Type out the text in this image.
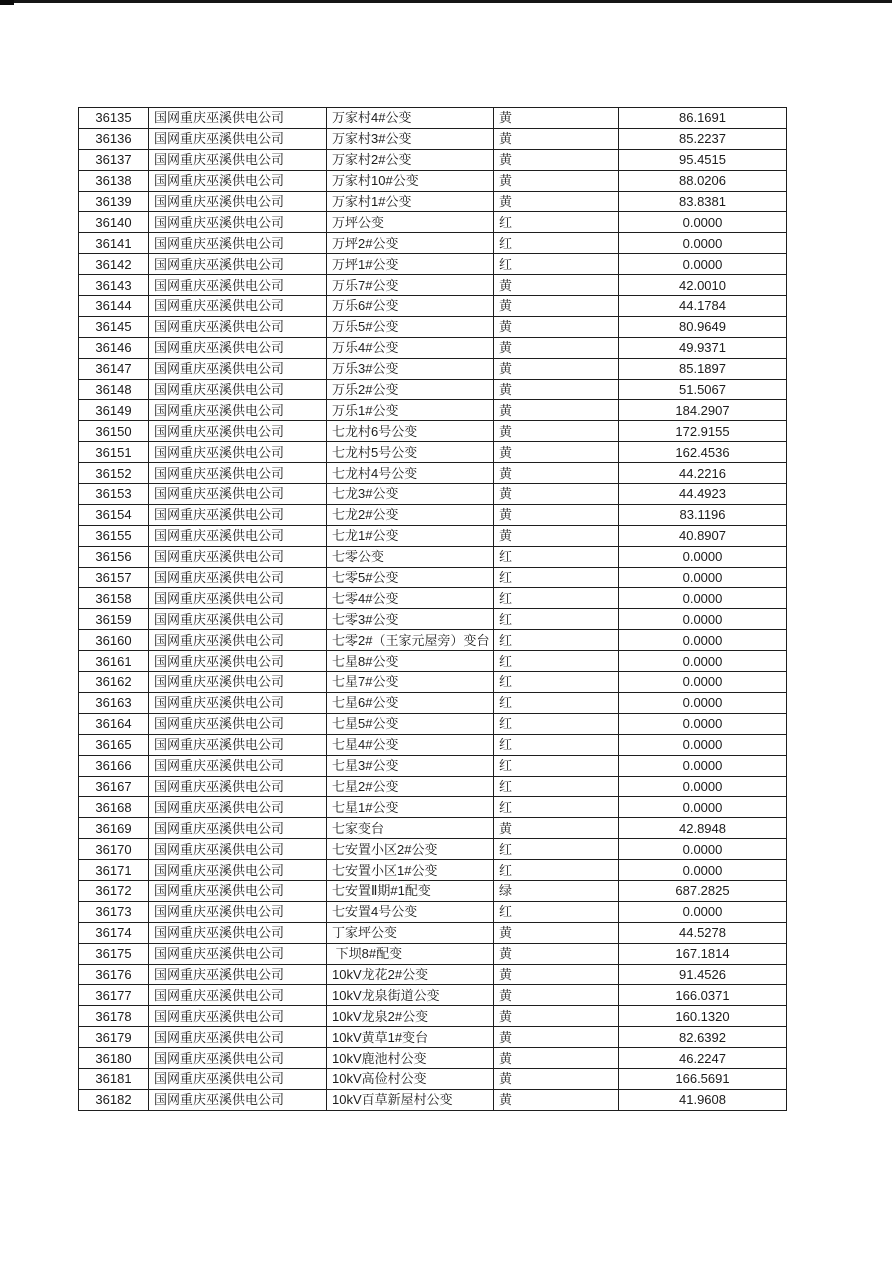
36135	国网重庆巫溪供电公司	万家村4#公变	黄	86.1691
36136	国网重庆巫溪供电公司	万家村3#公变	黄	85.2237
36137	国网重庆巫溪供电公司	万家村2#公变	黄	95.4515
36138	国网重庆巫溪供电公司	万家村10#公变	黄	88.0206
36139	国网重庆巫溪供电公司	万家村1#公变	黄	83.8381
36140	国网重庆巫溪供电公司	万坪公变	红	0.0000
36141	国网重庆巫溪供电公司	万坪2#公变	红	0.0000
36142	国网重庆巫溪供电公司	万坪1#公变	红	0.0000
36143	国网重庆巫溪供电公司	万乐7#公变	黄	42.0010
36144	国网重庆巫溪供电公司	万乐6#公变	黄	44.1784
36145	国网重庆巫溪供电公司	万乐5#公变	黄	80.9649
36146	国网重庆巫溪供电公司	万乐4#公变	黄	49.9371
36147	国网重庆巫溪供电公司	万乐3#公变	黄	85.1897
36148	国网重庆巫溪供电公司	万乐2#公变	黄	51.5067
36149	国网重庆巫溪供电公司	万乐1#公变	黄	184.2907
36150	国网重庆巫溪供电公司	七龙村6号公变	黄	172.9155
36151	国网重庆巫溪供电公司	七龙村5号公变	黄	162.4536
36152	国网重庆巫溪供电公司	七龙村4号公变	黄	44.2216
36153	国网重庆巫溪供电公司	七龙3#公变	黄	44.4923
36154	国网重庆巫溪供电公司	七龙2#公变	黄	83.1196
36155	国网重庆巫溪供电公司	七龙1#公变	黄	40.8907
36156	国网重庆巫溪供电公司	七零公变	红	0.0000
36157	国网重庆巫溪供电公司	七零5#公变	红	0.0000
36158	国网重庆巫溪供电公司	七零4#公变	红	0.0000
36159	国网重庆巫溪供电公司	七零3#公变	红	0.0000
36160	国网重庆巫溪供电公司	七零2#（王家元屋旁）变台	红	0.0000
36161	国网重庆巫溪供电公司	七星8#公变	红	0.0000
36162	国网重庆巫溪供电公司	七星7#公变	红	0.0000
36163	国网重庆巫溪供电公司	七星6#公变	红	0.0000
36164	国网重庆巫溪供电公司	七星5#公变	红	0.0000
36165	国网重庆巫溪供电公司	七星4#公变	红	0.0000
36166	国网重庆巫溪供电公司	七星3#公变	红	0.0000
36167	国网重庆巫溪供电公司	七星2#公变	红	0.0000
36168	国网重庆巫溪供电公司	七星1#公变	红	0.0000
36169	国网重庆巫溪供电公司	七家变台	黄	42.8948
36170	国网重庆巫溪供电公司	七安置小区2#公变	红	0.0000
36171	国网重庆巫溪供电公司	七安置小区1#公变	红	0.0000
36172	国网重庆巫溪供电公司	七安置Ⅱ期#1配变	绿	687.2825
36173	国网重庆巫溪供电公司	七安置4号公变	红	0.0000
36174	国网重庆巫溪供电公司	丁家坪公变	黄	44.5278
36175	国网重庆巫溪供电公司	下坝8#配变	黄	167.1814
36176	国网重庆巫溪供电公司	10kV龙花2#公变	黄	91.4526
36177	国网重庆巫溪供电公司	10kV龙泉街道公变	黄	166.0371
36178	国网重庆巫溪供电公司	10kV龙泉2#公变	黄	160.1320
36179	国网重庆巫溪供电公司	10kV黄草1#变台	黄	82.6392
36180	国网重庆巫溪供电公司	10kV鹿池村公变	黄	46.2247
36181	国网重庆巫溪供电公司	10kV高俭村公变	黄	166.5691
36182	国网重庆巫溪供电公司	10kV百草新屋村公变	黄	41.9608
